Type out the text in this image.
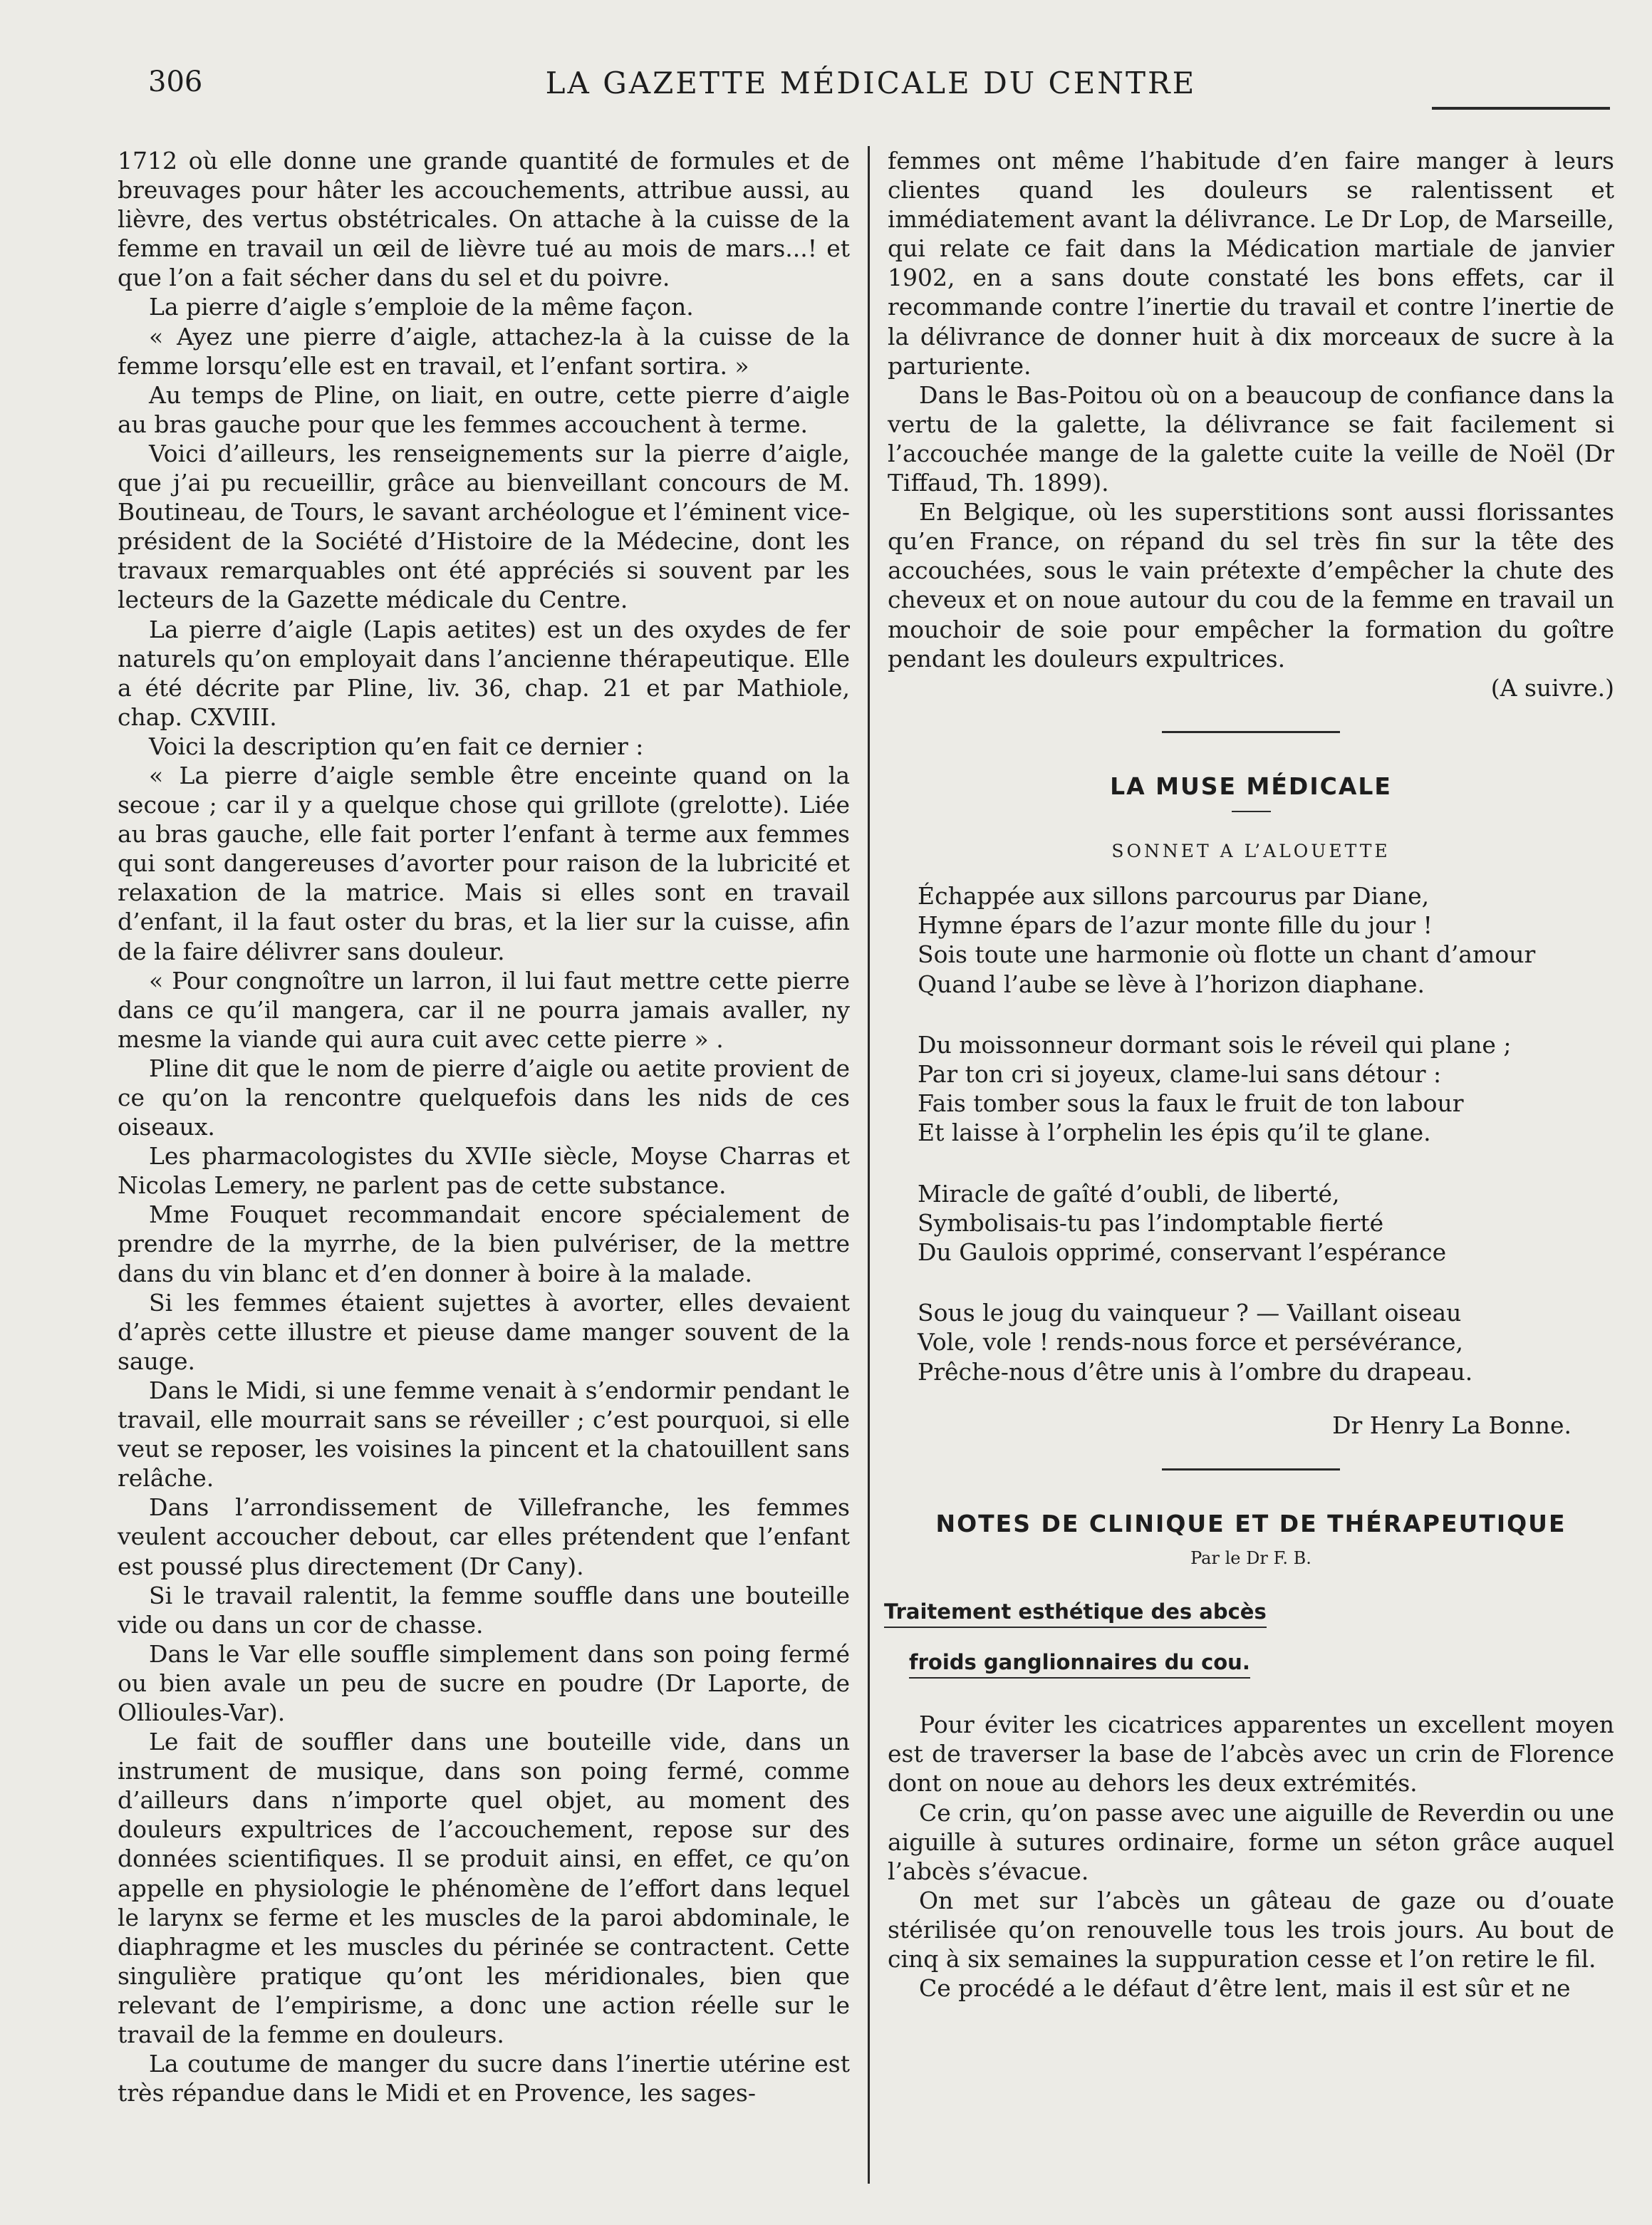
306	LA GAZETTE MÉDICALE DU CENTRE

1712 où elle donne une grande quantité de formules et de breuvages pour hâter les accouchements, attribue aussi, au lièvre, des vertus obstétricales. On attache à la cuisse de la femme en travail un œil de lièvre tué au mois de mars...! et que l’on a fait sécher dans du sel et du poivre.

La pierre d’aigle s’emploie de la même façon.

« Ayez une pierre d’aigle, attachez-la à la cuisse de la femme lorsqu’elle est en travail, et l’enfant sortira. »

Au temps de Pline, on liait, en outre, cette pierre d’aigle au bras gauche pour que les femmes accouchent à terme.

Voici d’ailleurs, les renseignements sur la pierre d’aigle, que j’ai pu recueillir, grâce au bienveillant concours de M. Boutineau, de Tours, le savant archéologue et l’éminent vice-président de la Société d’Histoire de la Médecine, dont les travaux remarquables ont été appréciés si souvent par les lecteurs de la Gazette médicale du Centre.

La pierre d’aigle (Lapis aetites) est un des oxydes de fer naturels qu’on employait dans l’ancienne thérapeutique. Elle a été décrite par Pline, liv. 36, chap. 21 et par Mathiole, chap. CXVIII.

Voici la description qu’en fait ce dernier :

« La pierre d’aigle semble être enceinte quand on la secoue ; car il y a quelque chose qui grillote (grelotte). Liée au bras gauche, elle fait porter l’enfant à terme aux femmes qui sont dangereuses d’avorter pour raison de la lubricité et relaxation de la matrice. Mais si elles sont en travail d’enfant, il la faut oster du bras, et la lier sur la cuisse, afin de la faire délivrer sans douleur.

« Pour congnoître un larron, il lui faut mettre cette pierre dans ce qu’il mangera, car il ne pourra jamais avaller, ny mesme la viande qui aura cuit avec cette pierre » .

Pline dit que le nom de pierre d’aigle ou aetite provient de ce qu’on la rencontre quelquefois dans les nids de ces oiseaux.

Les pharmacologistes du XVIIe siècle, Moyse Charras et Nicolas Lemery, ne parlent pas de cette substance.

Mme Fouquet recommandait encore spécialement de prendre de la myrrhe, de la bien pulvériser, de la mettre dans du vin blanc et d’en donner à boire à la malade.

Si les femmes étaient sujettes à avorter, elles devaient d’après cette illustre et pieuse dame manger souvent de la sauge.

Dans le Midi, si une femme venait à s’endormir pendant le travail, elle mourrait sans se réveiller ; c’est pourquoi, si elle veut se reposer, les voisines la pincent et la chatouillent sans relâche.

Dans l’arrondissement de Villefranche, les femmes veulent accoucher debout, car elles prétendent que l’enfant est poussé plus directement (Dr Cany).

Si le travail ralentit, la femme souffle dans une bouteille vide ou dans un cor de chasse.

Dans le Var elle souffle simplement dans son poing fermé ou bien avale un peu de sucre en poudre (Dr Laporte, de Ollioules-Var).

Le fait de souffler dans une bouteille vide, dans un instrument de musique, dans son poing fermé, comme d’ailleurs dans n’importe quel objet, au moment des douleurs expultrices de l’accouchement, repose sur des données scientifiques. Il se produit ainsi, en effet, ce qu’on appelle en physiologie le phénomène de l’effort dans lequel le larynx se ferme et les muscles de la paroi abdominale, le diaphragme et les muscles du périnée se contractent. Cette singulière pratique qu’ont les méridionales, bien que relevant de l’empirisme, a donc une action réelle sur le travail de la femme en douleurs.

La coutume de manger du sucre dans l’inertie utérine est très répandue dans le Midi et en Provence, les sages-

femmes ont même l’habitude d’en faire manger à leurs clientes quand les douleurs se ralentissent et immédiatement avant la délivrance. Le Dr Lop, de Marseille, qui relate ce fait dans la Médication martiale de janvier 1902, en a sans doute constaté les bons effets, car il recommande contre l’inertie du travail et contre l’inertie de la délivrance de donner huit à dix morceaux de sucre à la parturiente.

Dans le Bas-Poitou où on a beaucoup de confiance dans la vertu de la galette, la délivrance se fait facilement si l’accouchée mange de la galette cuite la veille de Noël (Dr Tiffaud, Th. 1899).

En Belgique, où les superstitions sont aussi florissantes qu’en France, on répand du sel très fin sur la tête des accouchées, sous le vain prétexte d’empêcher la chute des cheveux et on noue autour du cou de la femme en travail un mouchoir de soie pour empêcher la formation du goître pendant les douleurs expultrices.

(A suivre.)

LA MUSE MÉDICALE
SONNET A L’ALOUETTE
Échappée aux sillons parcourus par Diane,
Hymne épars de l’azur monte fille du jour !
Sois toute une harmonie où flotte un chant d’amour
Quand l’aube se lève à l’horizon diaphane.
Du moissonneur dormant sois le réveil qui plane ;
Par ton cri si joyeux, clame-lui sans détour :
Fais tomber sous la faux le fruit de ton labour
Et laisse à l’orphelin les épis qu’il te glane.
Miracle de gaîté d’oubli, de liberté,
Symbolisais-tu pas l’indomptable fierté
Du Gaulois opprimé, conservant l’espérance
Sous le joug du vainqueur ? — Vaillant oiseau
Vole, vole ! rends-nous force et persévérance,
Prêche-nous d’être unis à l’ombre du drapeau.
Dr Henry La Bonne.
NOTES DE CLINIQUE ET DE THÉRAPEUTIQUE
Par le Dr F. B.
Traitement esthétique des abcès
froids ganglionnaires du cou.

Pour éviter les cicatrices apparentes un excellent moyen est de traverser la base de l’abcès avec un crin de Florence dont on noue au dehors les deux extrémités.

Ce crin, qu’on passe avec une aiguille de Reverdin ou une aiguille à sutures ordinaire, forme un séton grâce auquel l’abcès s’évacue.

On met sur l’abcès un gâteau de gaze ou d’ouate stérilisée qu’on renouvelle tous les trois jours. Au bout de cinq à six semaines la suppuration cesse et l’on retire le fil.

Ce procédé a le défaut d’être lent, mais il est sûr et ne
